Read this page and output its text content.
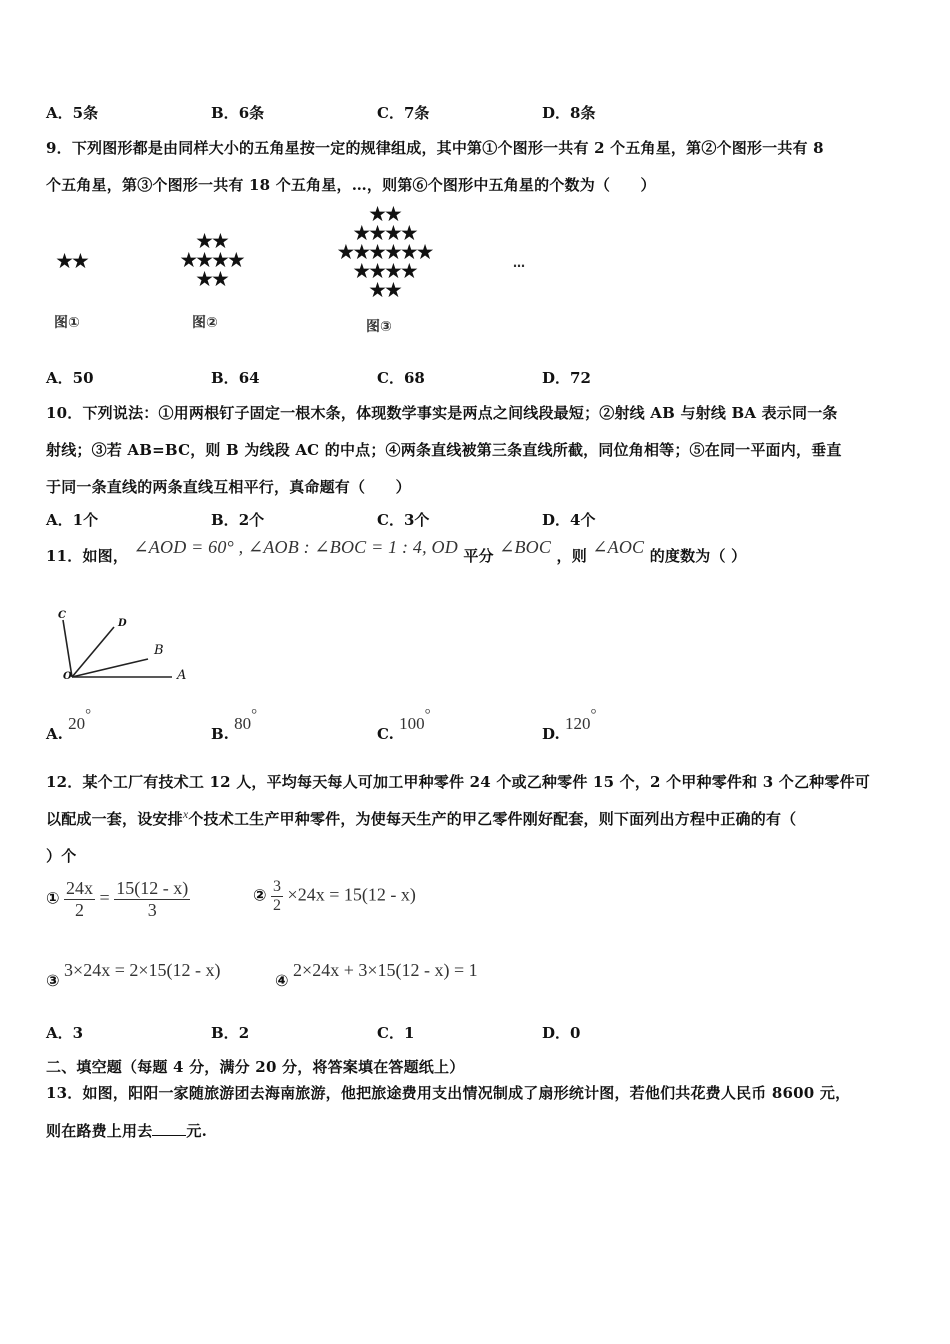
A．5条	B．6条	C．7条	D．8条
9．下列图形都是由同样大小的五角星按一定的规律组成，其中第①个图形一共有 2 个五角星，第②个图形一共有 8
个五角星，第③个图形一共有 18 个五角星，…，则第⑥个图形中五角星的个数为（　　）
★★
图①
★★
★★★★
★★
图②
★★
★★★★
★★★★★★
★★★★
★★
图③
…
A．50	B．64	C．68	D．72
10．下列说法：①用两根钉子固定一根木条，体现数学事实是两点之间线段最短；②射线 AB 与射线 BA 表示同一条
射线；③若 AB=BC，则 B 为线段 AC 的中点；④两条直线被第三条直线所截，同位角相等；⑤在同一平面内，垂直
于同一条直线的两条直线互相平行，真命题有（　　）
A．1个	B．2个	C．3个	D．4个
11．如图， ∠AOD = 60° , ∠AOB : ∠BOC = 1 : 4, OD 平分 ∠BOC ，则 ∠AOC 的度数为（ ）
C
D
B
O	A
A. 20°
B. 80°
C. 100°
D. 120°
12．某个工厂有技术工 12 人，平均每天每人可加工甲种零件 24 个或乙种零件 15 个，2 个甲种零件和 3 个乙种零件可
以配成一套，设安排$^x$个技术工生产甲种零件，为使每天生产的甲乙零件刚好配套，则下面列出方程中正确的有（
）个
① $\frac{24x}{2} = \frac{15(12 - x)}{3}$	② $\frac{3}{2} \times 24x = 15(12 - x)$
③ 3×24x = 2×15(12 - x)
④ 2×24x + 3×15(12 - x) = 1
A．3	B．2	C．1	D．0
二、填空题（每题 4 分，满分 20 分，将答案填在答题纸上）
13．如图，阳阳一家随旅游团去海南旅游，他把旅途费用支出情况制成了扇形统计图，若他们共花费人民币 8600 元，
则在路费上用去 元.
